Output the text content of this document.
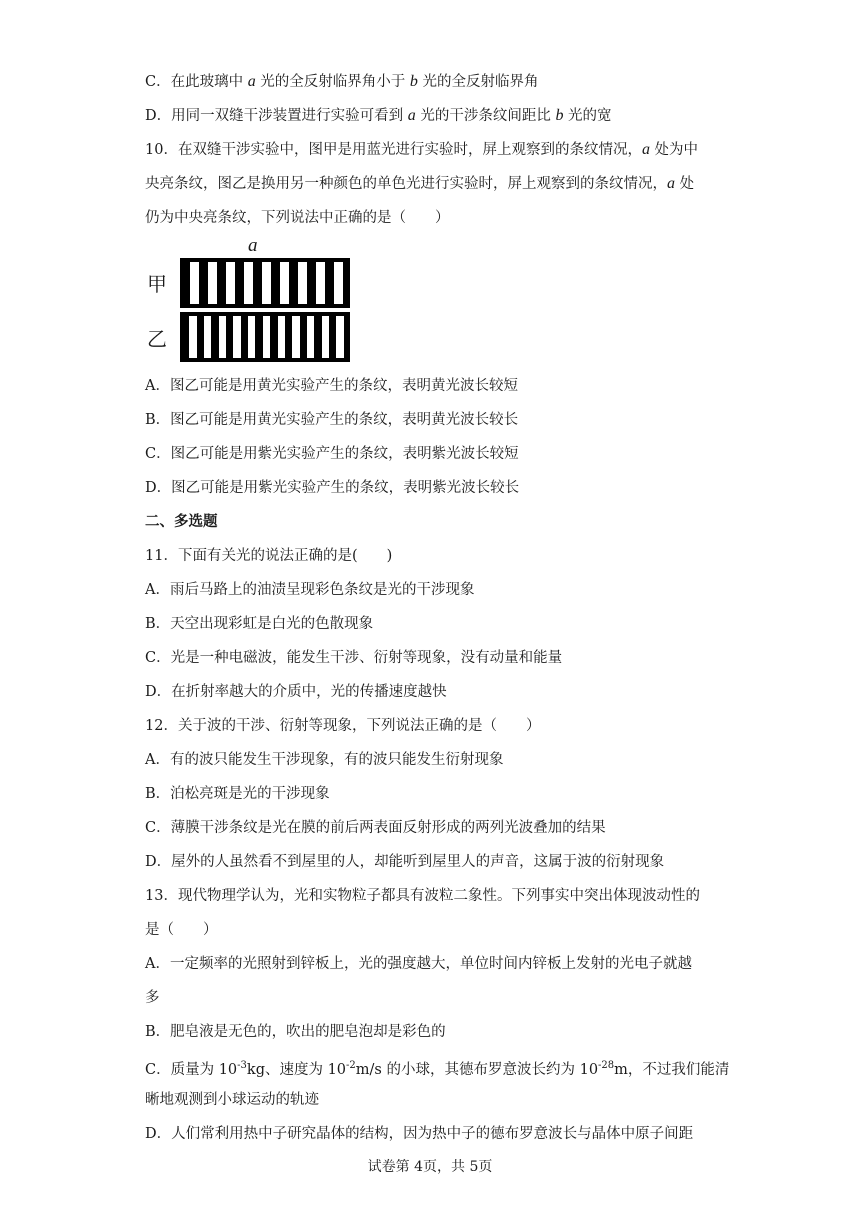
C．在此玻璃中 a 光的全反射临界角小于 b 光的全反射临界角
D．用同一双缝干涉装置进行实验可看到 a 光的干涉条纹间距比 b 光的宽
10．在双缝干涉实验中，图甲是用蓝光进行实验时，屏上观察到的条纹情况，a 处为中
央亮条纹，图乙是换用另一种颜色的单色光进行实验时，屏上观察到的条纹情况，a 处
仍为中央亮条纹，下列说法中正确的是（　　）
A．图乙可能是用黄光实验产生的条纹，表明黄光波长较短
B．图乙可能是用黄光实验产生的条纹，表明黄光波长较长
C．图乙可能是用紫光实验产生的条纹，表明紫光波长较短
D．图乙可能是用紫光实验产生的条纹，表明紫光波长较长
二、多选题
11．下面有关光的说法正确的是(　　)
A．雨后马路上的油渍呈现彩色条纹是光的干涉现象
B．天空出现彩虹是白光的色散现象
C．光是一种电磁波，能发生干涉、衍射等现象，没有动量和能量
D．在折射率越大的介质中，光的传播速度越快
12．关于波的干涉、衍射等现象，下列说法正确的是（　　）
A．有的波只能发生干涉现象，有的波只能发生衍射现象
B．泊松亮斑是光的干涉现象
C．薄膜干涉条纹是光在膜的前后两表面反射形成的两列光波叠加的结果
D．屋外的人虽然看不到屋里的人，却能听到屋里人的声音，这属于波的衍射现象
13．现代物理学认为，光和实物粒子都具有波粒二象性。下列事实中突出体现波动性的
是（　　）
A．一定频率的光照射到锌板上，光的强度越大，单位时间内锌板上发射的光电子就越
多
B．肥皂液是无色的，吹出的肥皂泡却是彩色的
C．质量为 $10^{-3}kg$、速度为 $10^{-2}m/s$ 的小球，其德布罗意波长约为 $10^{-28}m$，不过我们能清
晰地观测到小球运动的轨迹
D．人们常利用热中子研究晶体的结构，因为热中子的德布罗意波长与晶体中原子间距
a
甲
乙
试卷第 4页，共 5页
